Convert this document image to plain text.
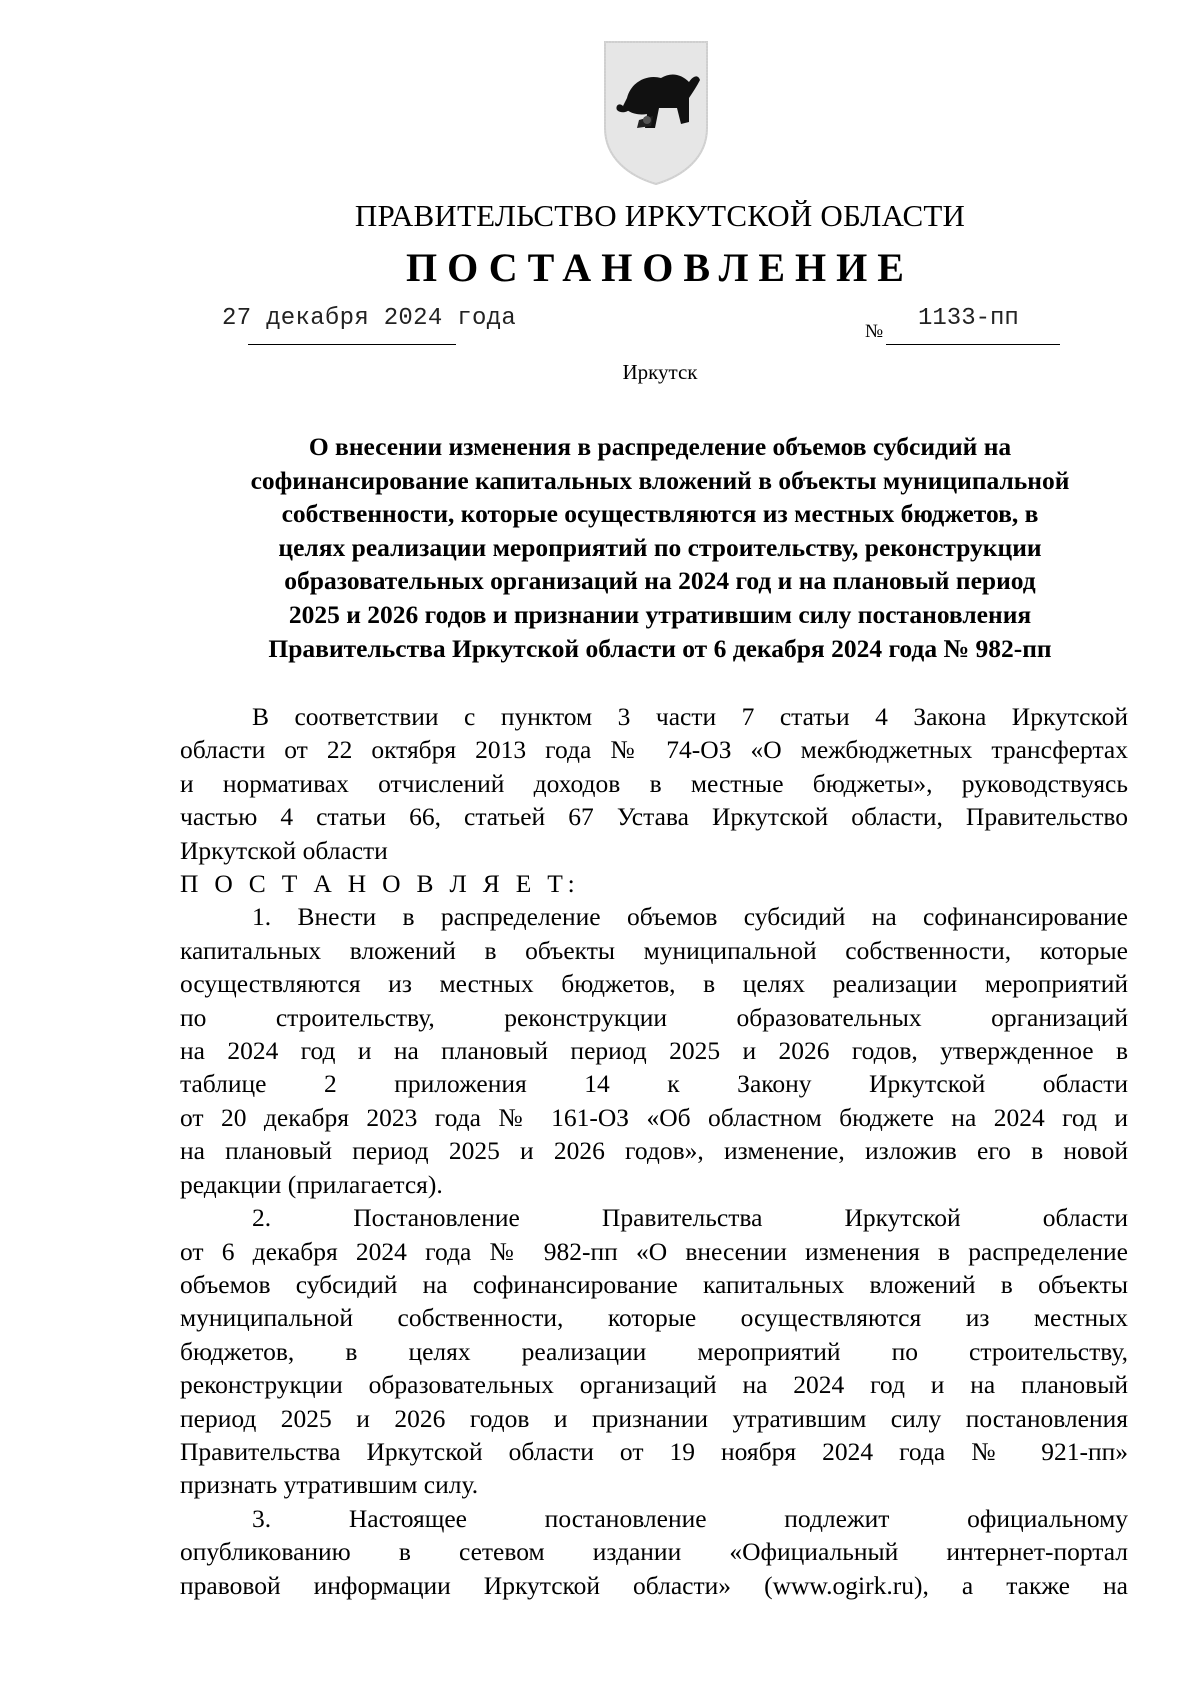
ПРАВИТЕЛЬСТВО ИРКУТСКОЙ ОБЛАСТИ
ПОСТАНОВЛЕНИЕ
27 декабря 2024 года	№ 1133-пп
Иркутск
О внесении изменения в распределение объемов субсидий на
софинансирование капитальных вложений в объекты муниципальной
собственности, которые осуществляются из местных бюджетов, в
целях реализации мероприятий по строительству, реконструкции
образовательных организаций на 2024 год и на плановый период
2025 и 2026 годов и признании утратившим силу постановления
Правительства Иркутской области от 6 декабря 2024 года № 982-пп
В соответствии с пунктом 3 части 7 статьи 4 Закона Иркутской
области от 22 октября 2013 года № 74-ОЗ «О межбюджетных трансфертах
и нормативах отчислений доходов в местные бюджеты», руководствуясь
частью 4 статьи 66, статьей 67 Устава Иркутской области, Правительство
Иркутской области
П О С Т А Н О В Л Я Е Т:
1. Внести в распределение объемов субсидий на софинансирование
капитальных вложений в объекты муниципальной собственности, которые
осуществляются из местных бюджетов, в целях реализации мероприятий
по строительству, реконструкции образовательных организаций
на 2024 год и на плановый период 2025 и 2026 годов, утвержденное в
таблице 2 приложения 14 к Закону Иркутской области
от 20 декабря 2023 года № 161-ОЗ «Об областном бюджете на 2024 год и
на плановый период 2025 и 2026 годов», изменение, изложив его в новой
редакции (прилагается).
2. Постановление Правительства Иркутской области
от 6 декабря 2024 года № 982-пп «О внесении изменения в распределение
объемов субсидий на софинансирование капитальных вложений в объекты
муниципальной собственности, которые осуществляются из местных
бюджетов, в целях реализации мероприятий по строительству,
реконструкции образовательных организаций на 2024 год и на плановый
период 2025 и 2026 годов и признании утратившим силу постановления
Правительства Иркутской области от 19 ноября 2024 года № 921-пп»
признать утратившим силу.
3. Настоящее постановление подлежит официальному
опубликованию в сетевом издании «Официальный интернет-портал
правовой информации Иркутской области» (www.ogirk.ru), а также на
